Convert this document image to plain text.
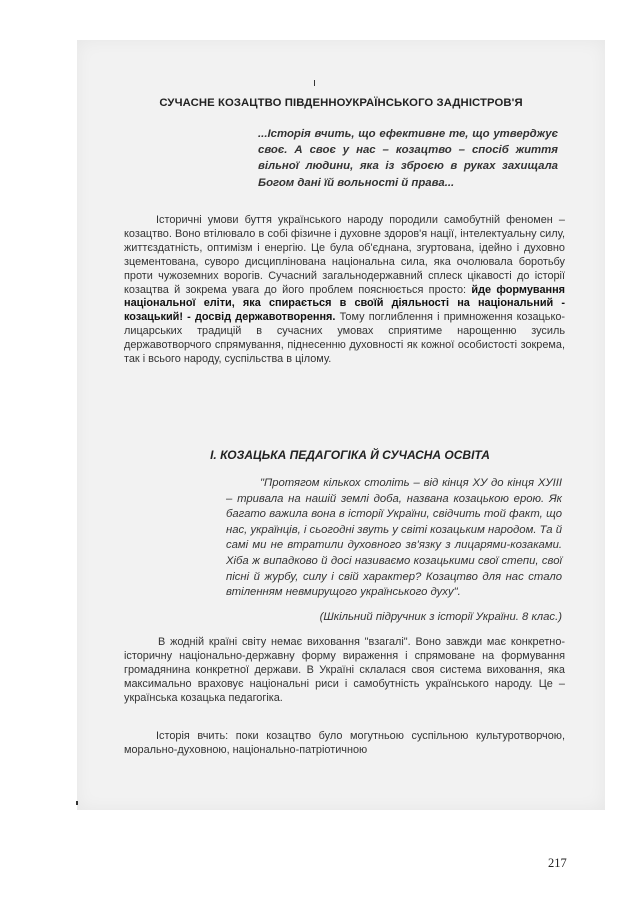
СУЧАСНЕ КОЗАЦТВО ПІВДЕННОУКРАЇНСЬКОГО ЗАДНІСТРОВ'Я
...Історія вчить, що ефективне те, що утверджує своє. А своє у нас – козацтво – спосіб життя вільної людини, яка із зброєю в руках захищала Богом дані їй вольності й права...
Історичні умови буття українського народу породили самобутній феномен – козацтво. Воно втілювало в собі фізичне і духовне здоров'я нації, інтелектуальну силу, життєздатність, оптимізм і енергію. Це була об'єднана, згуртована, ідейно і духовно зцементована, суворо дисциплінована національна сила, яка очолювала боротьбу проти чужоземних ворогів. Сучасний загальнодержавний сплеск цікавості до історії козацтва й зокрема увага до його проблем пояснюється просто: йде формування національної еліти, яка спирається в своїй діяльності на національний - козацький! - досвід державотворення. Тому поглиблення і примноження козацько-лицарських традицій в сучасних умовах сприятиме нарощенню зусиль державотворчого спрямування, піднесенню духовності як кожної особистості зокрема, так і всього народу, суспільства в цілому.
І. КОЗАЦЬКА ПЕДАГОГІКА Й СУЧАСНА ОСВІТА
"Протягом кількох століть – від кінця XУ до кінця XУIII – тривала на нашій землі доба, названа козацькою ерою. Як багато важила вона в історії України, свідчить той факт, що нас, українців, і сьогодні звуть у світі козацьким народом. Та й самі ми не втратили духовного зв'язку з лицарями-козаками. Хіба ж випадково й досі називаємо козацькими свої степи, свої пісні й журбу, силу і свій характер? Козацтво для нас стало втіленням невмирущого українського духу".
(Шкільний підручник з історії України. 8 клас.)
В жодній країні світу немає виховання "взагалі". Воно завжди має конкретно-історичну національно-державну форму вираження і спрямоване на формування громадянина конкретної держави. В Україні склалася своя система виховання, яка максимально враховує національні риси і самобутність українського народу. Це – українська козацька педагогіка.
Історія вчить: поки козацтво було могутньою суспільною культуротворчою, морально-духовною, національно-патріотичною
217
